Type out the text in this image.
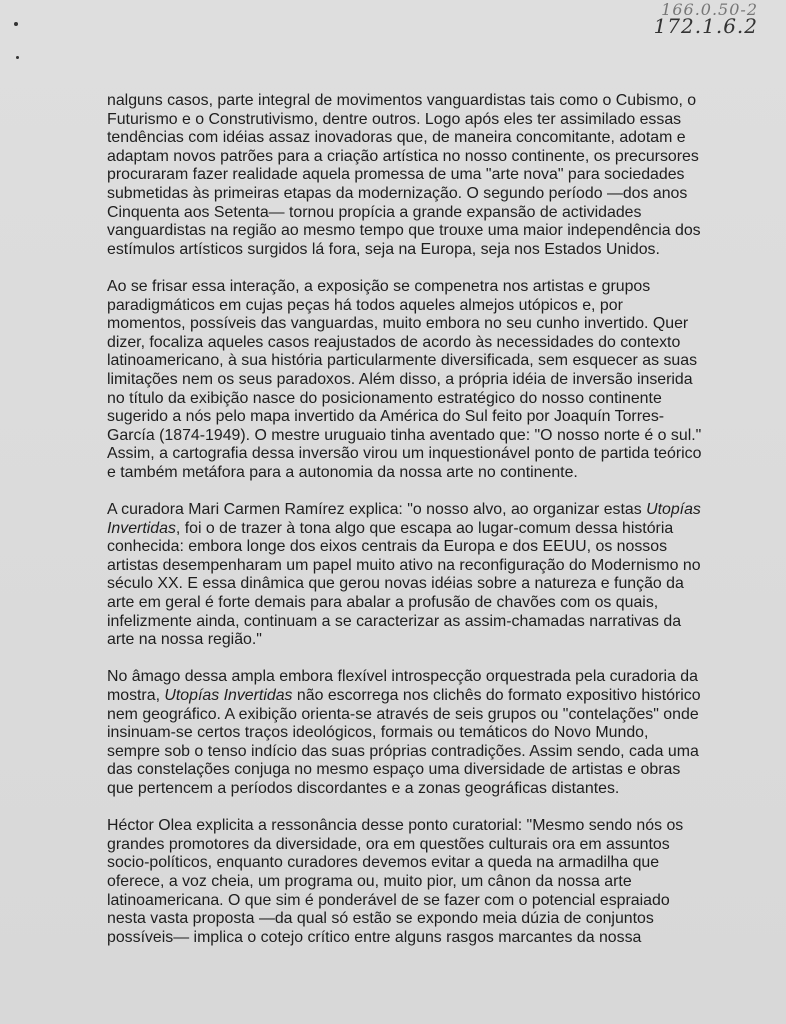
166.0.50-2
172.1.6.2

nalguns casos, parte integral de movimentos vanguardistas tais como o Cubismo, o
Futurismo e o Construtivismo, dentre outros. Logo após eles ter assimilado essas
tendências com idéias assaz inovadoras que, de maneira concomitante, adotam e
adaptam novos patrões para a criação artística no nosso continente, os precursores
procuraram fazer realidade aquela promessa de uma "arte nova" para sociedades
submetidas às primeiras etapas da modernização. O segundo período —dos anos
Cinquenta aos Setenta— tornou propícia a grande expansão de actividades
vanguardistas na região ao mesmo tempo que trouxe uma maior independência dos
estímulos artísticos surgidos lá fora, seja na Europa, seja nos Estados Unidos.

Ao se frisar essa interação, a exposição se compenetra nos artistas e grupos
paradigmáticos em cujas peças há todos aqueles almejos utópicos e, por
momentos, possíveis das vanguardas, muito embora no seu cunho invertido. Quer
dizer, focaliza aqueles casos reajustados de acordo às necessidades do contexto
latinoamericano, à sua história particularmente diversificada, sem esquecer as suas
limitações nem os seus paradoxos. Além disso, a própria idéia de inversão inserida
no título da exibição nasce do posicionamento estratégico do nosso continente
sugerido a nós pelo mapa invertido da América do Sul feito por Joaquín Torres-
García (1874-1949). O mestre uruguaio tinha aventado que: "O nosso norte é o sul."
Assim, a cartografia dessa inversão virou um inquestionável ponto de partida teórico
e também metáfora para a autonomia da nossa arte no continente.

A curadora Mari Carmen Ramírez explica: "o nosso alvo, ao organizar estas Utopías
Invertidas, foi o de trazer à tona algo que escapa ao lugar-comum dessa história
conhecida: embora longe dos eixos centrais da Europa e dos EEUU, os nossos
artistas desempenharam um papel muito ativo na reconfiguração do Modernismo no
século XX. E essa dinâmica que gerou novas idéias sobre a natureza e função da
arte em geral é forte demais para abalar a profusão de chavões com os quais,
infelizmente ainda, continuam a se caracterizar as assim-chamadas narrativas da
arte na nossa região."

No âmago dessa ampla embora flexível introspecção orquestrada pela curadoria da
mostra, Utopías Invertidas não escorrega nos clichês do formato expositivo histórico
nem geográfico. A exibição orienta-se através de seis grupos ou "contelações" onde
insinuam-se certos traços ideológicos, formais ou temáticos do Novo Mundo,
sempre sob o tenso indício das suas próprias contradições. Assim sendo, cada uma
das constelações conjuga no mesmo espaço uma diversidade de artistas e obras
que pertencem a períodos discordantes e a zonas geográficas distantes.

Héctor Olea explicita a ressonância desse ponto curatorial: "Mesmo sendo nós os
grandes promotores da diversidade, ora em questões culturais ora em assuntos
socio-políticos, enquanto curadores devemos evitar a queda na armadilha que
oferece, a voz cheia, um programa ou, muito pior, um cânon da nossa arte
latinoamericana. O que sim é ponderável de se fazer com o potencial espraiado
nesta vasta proposta —da qual só estão se expondo meia dúzia de conjuntos
possíveis— implica o cotejo crítico entre alguns rasgos marcantes da nossa
